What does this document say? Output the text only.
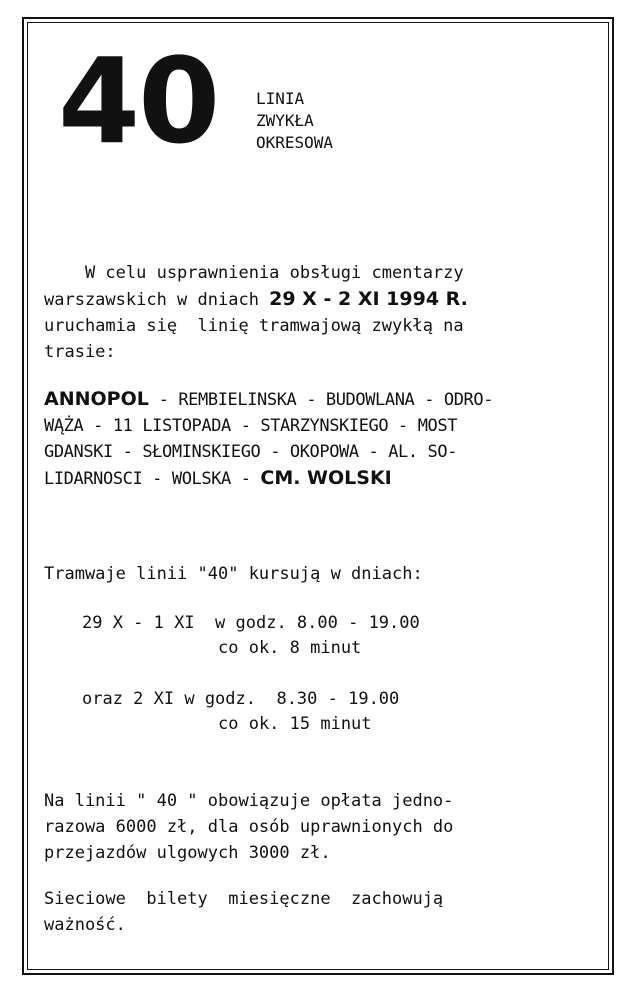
40 LINIA
ZWYKŁA
OKRESOWA
W celu usprawnienia obsługi cmentarzy
warszawskich w dniach 29 X - 2 XI 1994 R.
uruchamia się  linię tramwajową zwykłą na
trasie:
ANNOPOL - REMBIELINSKA - BUDOWLANA - ODRO-
WĄŻA - 11 LISTOPADA - STARZYNSKIEGO - MOST
GDANSKI - SŁOMINSKIEGO - OKOPOWA - AL. SO-
LIDARNOSCI - WOLSKA - CM. WOLSKI
Tramwaje linii "40" kursują w dniach:
29 X - 1 XI  w godz. 8.00 - 19.00
co ok. 8 minut
oraz 2 XI w godz.  8.30 - 19.00
co ok. 15 minut
Na linii " 40 " obowiązuje opłata jedno-
razowa 6000 zł, dla osób uprawnionych do
przejazdów ulgowych 3000 zł.
Sieciowe  bilety  miesięczne  zachowują
ważność.
